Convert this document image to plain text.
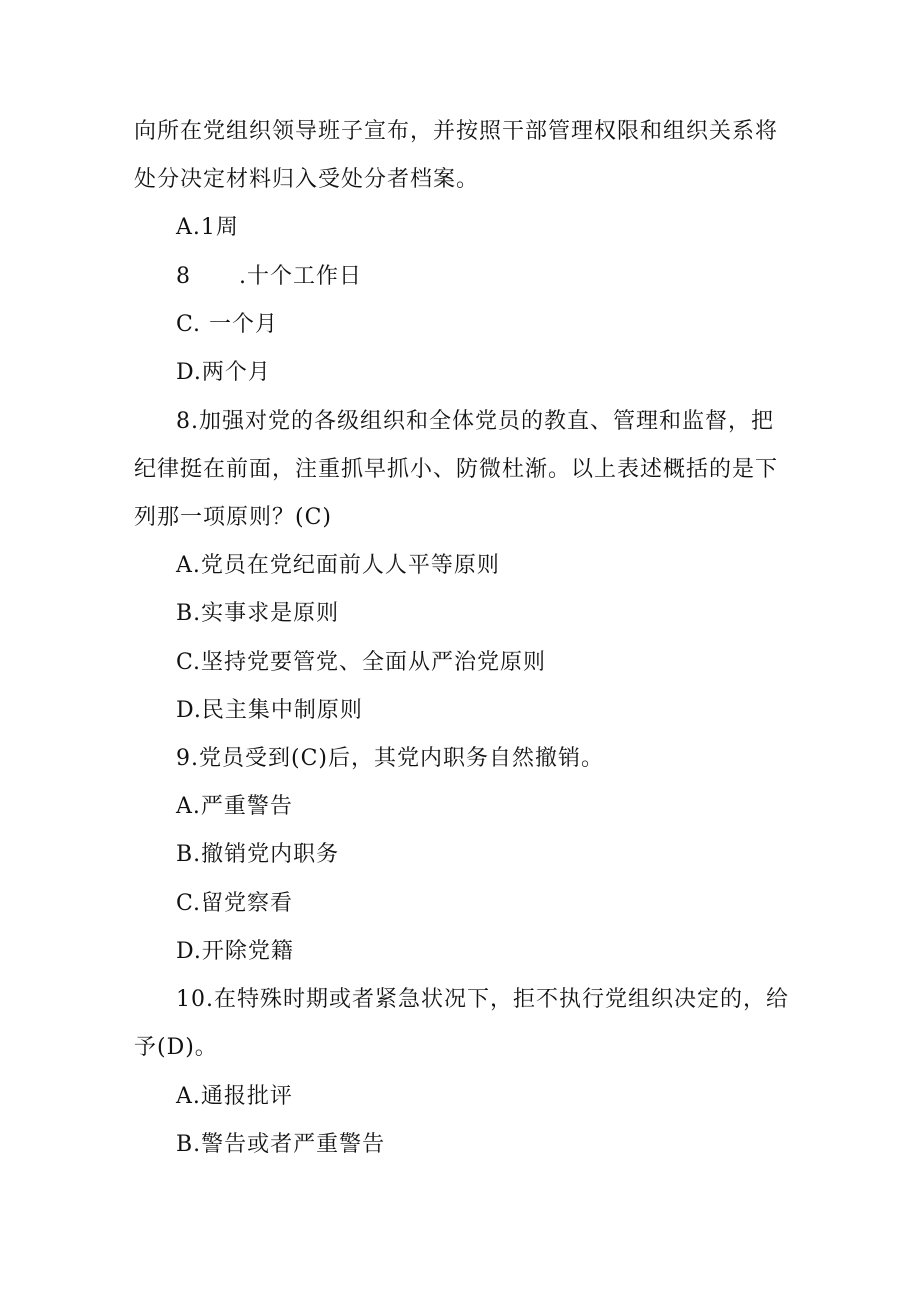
向所在党组织领导班子宣布，并按照干部管理权限和组织关系将
处分决定材料归入受处分者档案。
A.1周
8 .十个工作日
C. 一个月
D.两个月
8.加强对党的各级组织和全体党员的教直、管理和监督，把
纪律挺在前面，注重抓早抓小、防微杜渐。以上表述概括的是下
列那一项原则？(C)
A.党员在党纪面前人人平等原则
B.实事求是原则
C.坚持党要管党、全面从严治党原则
D.民主集中制原则
9.党员受到(C)后，其党内职务自然撤销。
A.严重警告
B.撤销党内职务
C.留党察看
D.开除党籍
10.在特殊时期或者紧急状况下，拒不执行党组织决定的，给
予(D)。
A.通报批评
B.警告或者严重警告
